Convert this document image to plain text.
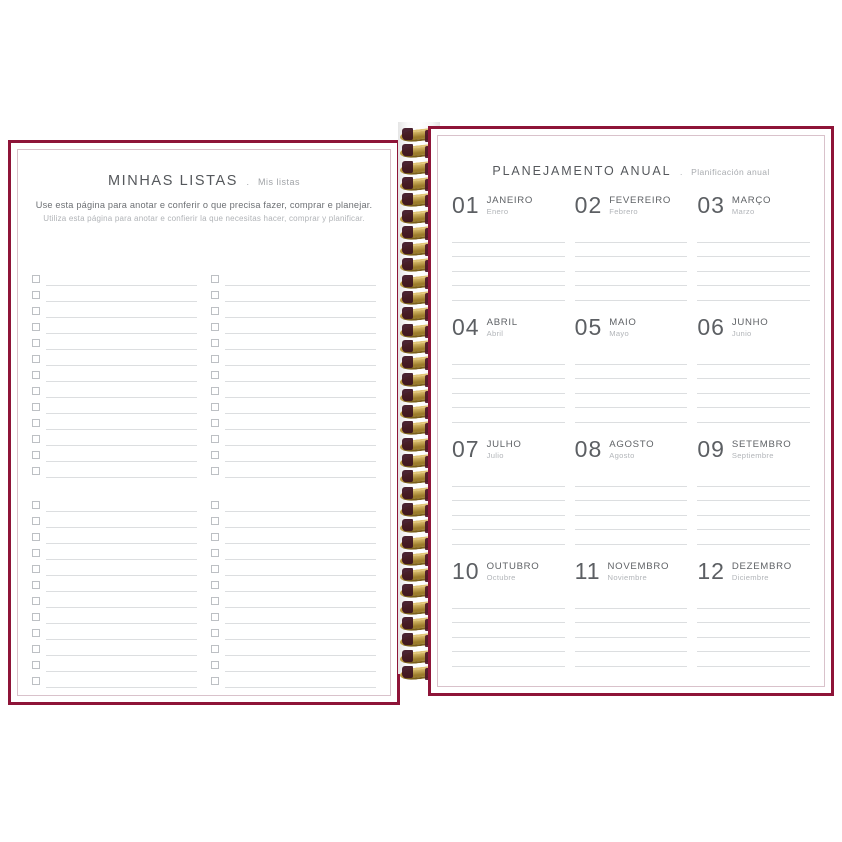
MINHAS LISTAS . Mis listas
Use esta página para anotar e conferir o que precisa fazer, comprar e planejar.
Utiliza esta página para anotar e confierir la que necesitas hacer, comprar y planificar.
PLANEJAMENTO ANUAL . Planificación anual
01 JANEIRO
Enero	02 FEVEREIRO
Febrero	03 MARÇO
Marzo
04 ABRIL
Abril	05 MAIO
Mayo	06 JUNHO
Junio
07 JULHO
Julio	08 AGOSTO
Agosto	09 SETEMBRO
Septiembre
10 OUTUBRO
Octubre	11 NOVEMBRO
Noviembre	12 DEZEMBRO
Diciembre
